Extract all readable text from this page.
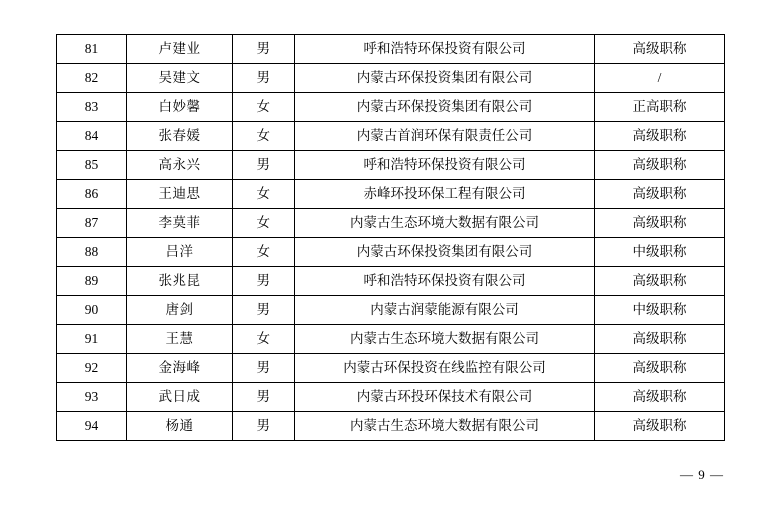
81	卢建业	男	呼和浩特环保投资有限公司	高级职称
82	吴建文	男	内蒙古环保投资集团有限公司	/
83	白妙馨	女	内蒙古环保投资集团有限公司	正高职称
84	张春媛	女	内蒙古首润环保有限责任公司	高级职称
85	高永兴	男	呼和浩特环保投资有限公司	高级职称
86	王迪思	女	赤峰环投环保工程有限公司	高级职称
87	李莫菲	女	内蒙古生态环境大数据有限公司	高级职称
88	吕洋	女	内蒙古环保投资集团有限公司	中级职称
89	张兆昆	男	呼和浩特环保投资有限公司	高级职称
90	唐剑	男	内蒙古润蒙能源有限公司	中级职称
91	王慧	女	内蒙古生态环境大数据有限公司	高级职称
92	金海峰	男	内蒙古环保投资在线监控有限公司	高级职称
93	武日成	男	内蒙古环投环保技术有限公司	高级职称
94	杨通	男	内蒙古生态环境大数据有限公司	高级职称
— 9 —
